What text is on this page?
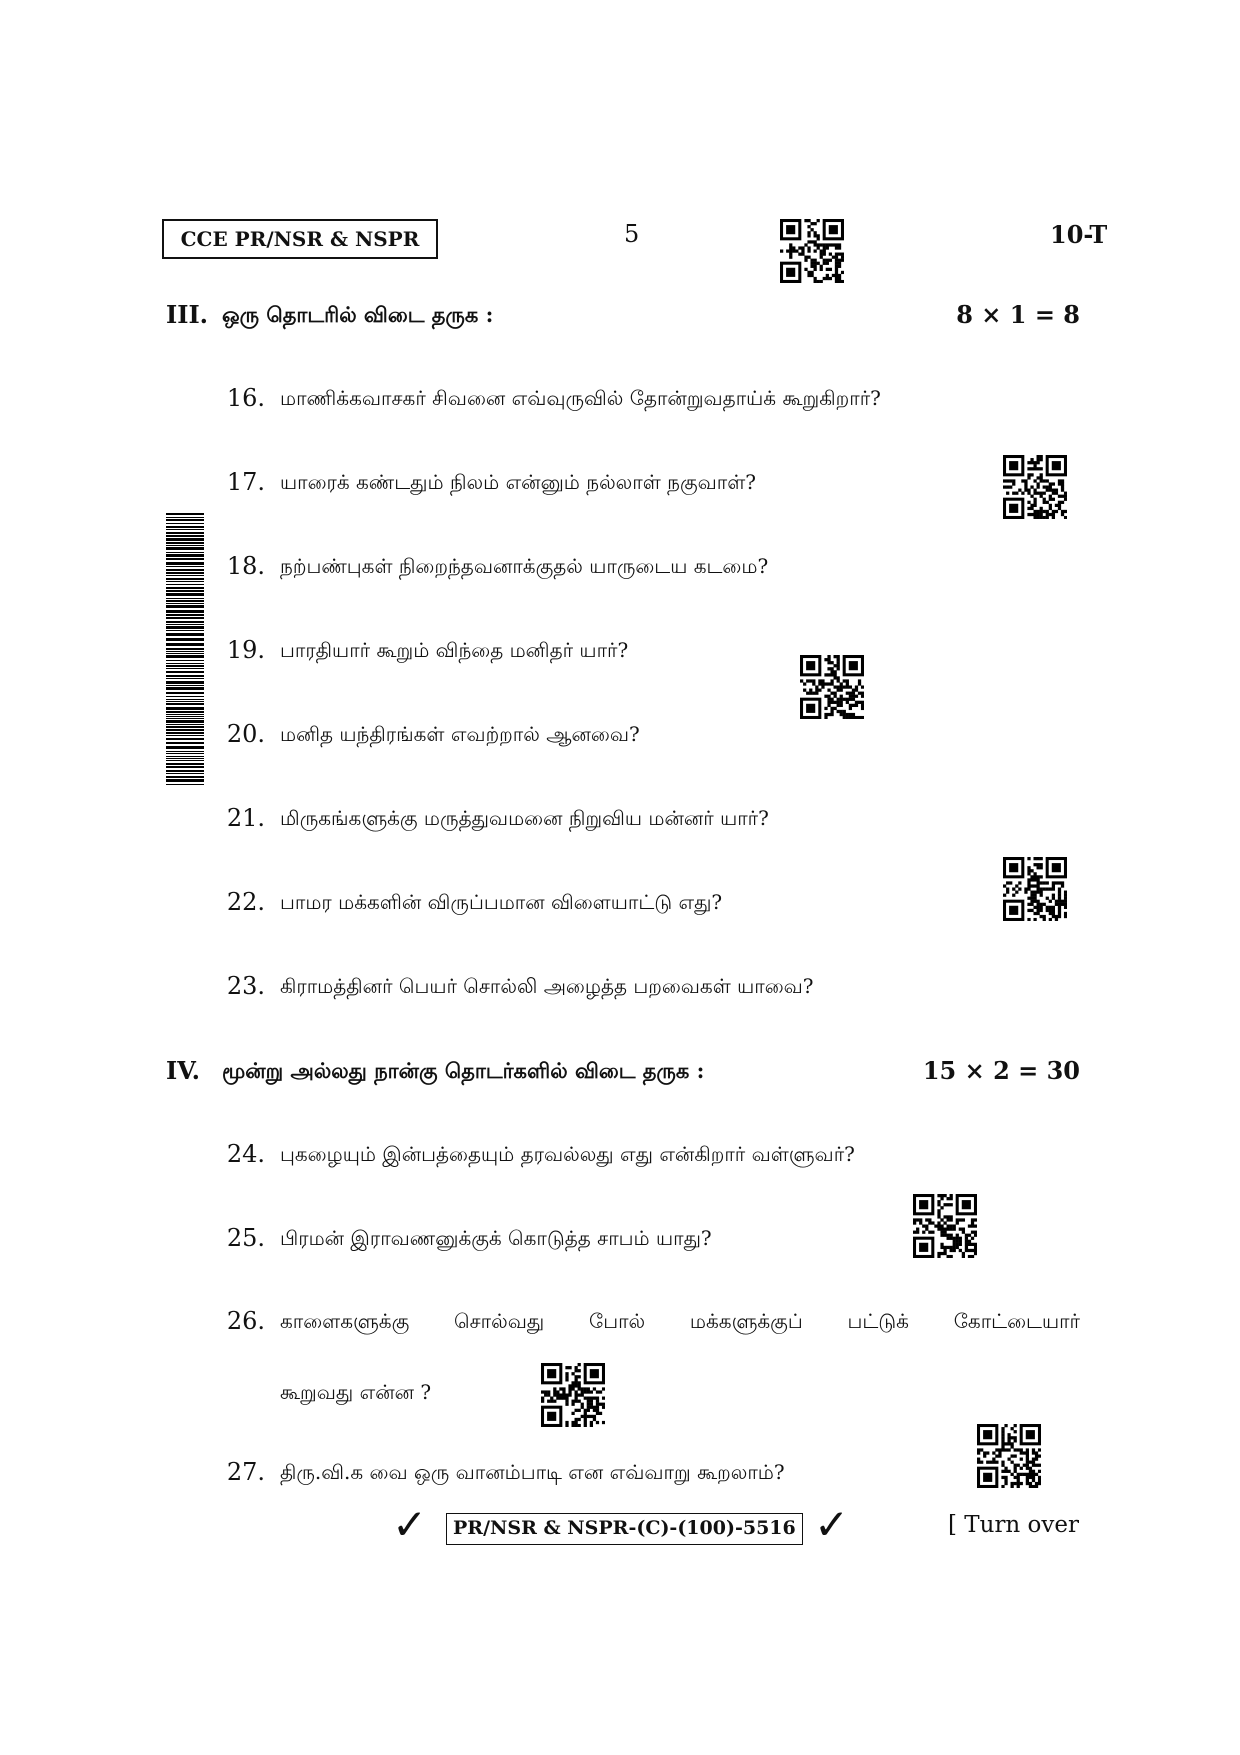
CCE PR/NSR & NSPR	5	10-T
III. ஒரு தொடரில் விடை தருக :	8 × 1 = 8
16. மாணிக்கவாசகர் சிவனை எவ்வுருவில் தோன்றுவதாய்க் கூறுகிறார்?
17. யாரைக் கண்டதும் நிலம் என்னும் நல்லாள் நகுவாள்?
18. நற்பண்புகள் நிறைந்தவனாக்குதல் யாருடைய கடமை?
19. பாரதியார் கூறும் விந்தை மனிதர் யார்?
20. மனித யந்திரங்கள் எவற்றால் ஆனவை?
21. மிருகங்களுக்கு மருத்துவமனை நிறுவிய மன்னர் யார்?
22. பாமர மக்களின் விருப்பமான விளையாட்டு எது?
23. கிராமத்தினர் பெயர் சொல்லி அழைத்த பறவைகள் யாவை?
IV. மூன்று அல்லது நான்கு தொடர்களில் விடை தருக :	15 × 2 = 30
24. புகழையும் இன்பத்தையும் தரவல்லது எது என்கிறார் வள்ளுவர்?
25. பிரமன் இராவணனுக்குக் கொடுத்த சாபம் யாது?
26. காளைகளுக்கு சொல்வது போல் மக்களுக்குப் பட்டுக் கோட்டையார்
கூறுவது என்ன ?
27. திரு.வி.க வை ஒரு வானம்பாடி என எவ்வாறு கூறலாம்?
✓	PR/NSR & NSPR-(C)-(100)-5516 ✓	[ Turn over
